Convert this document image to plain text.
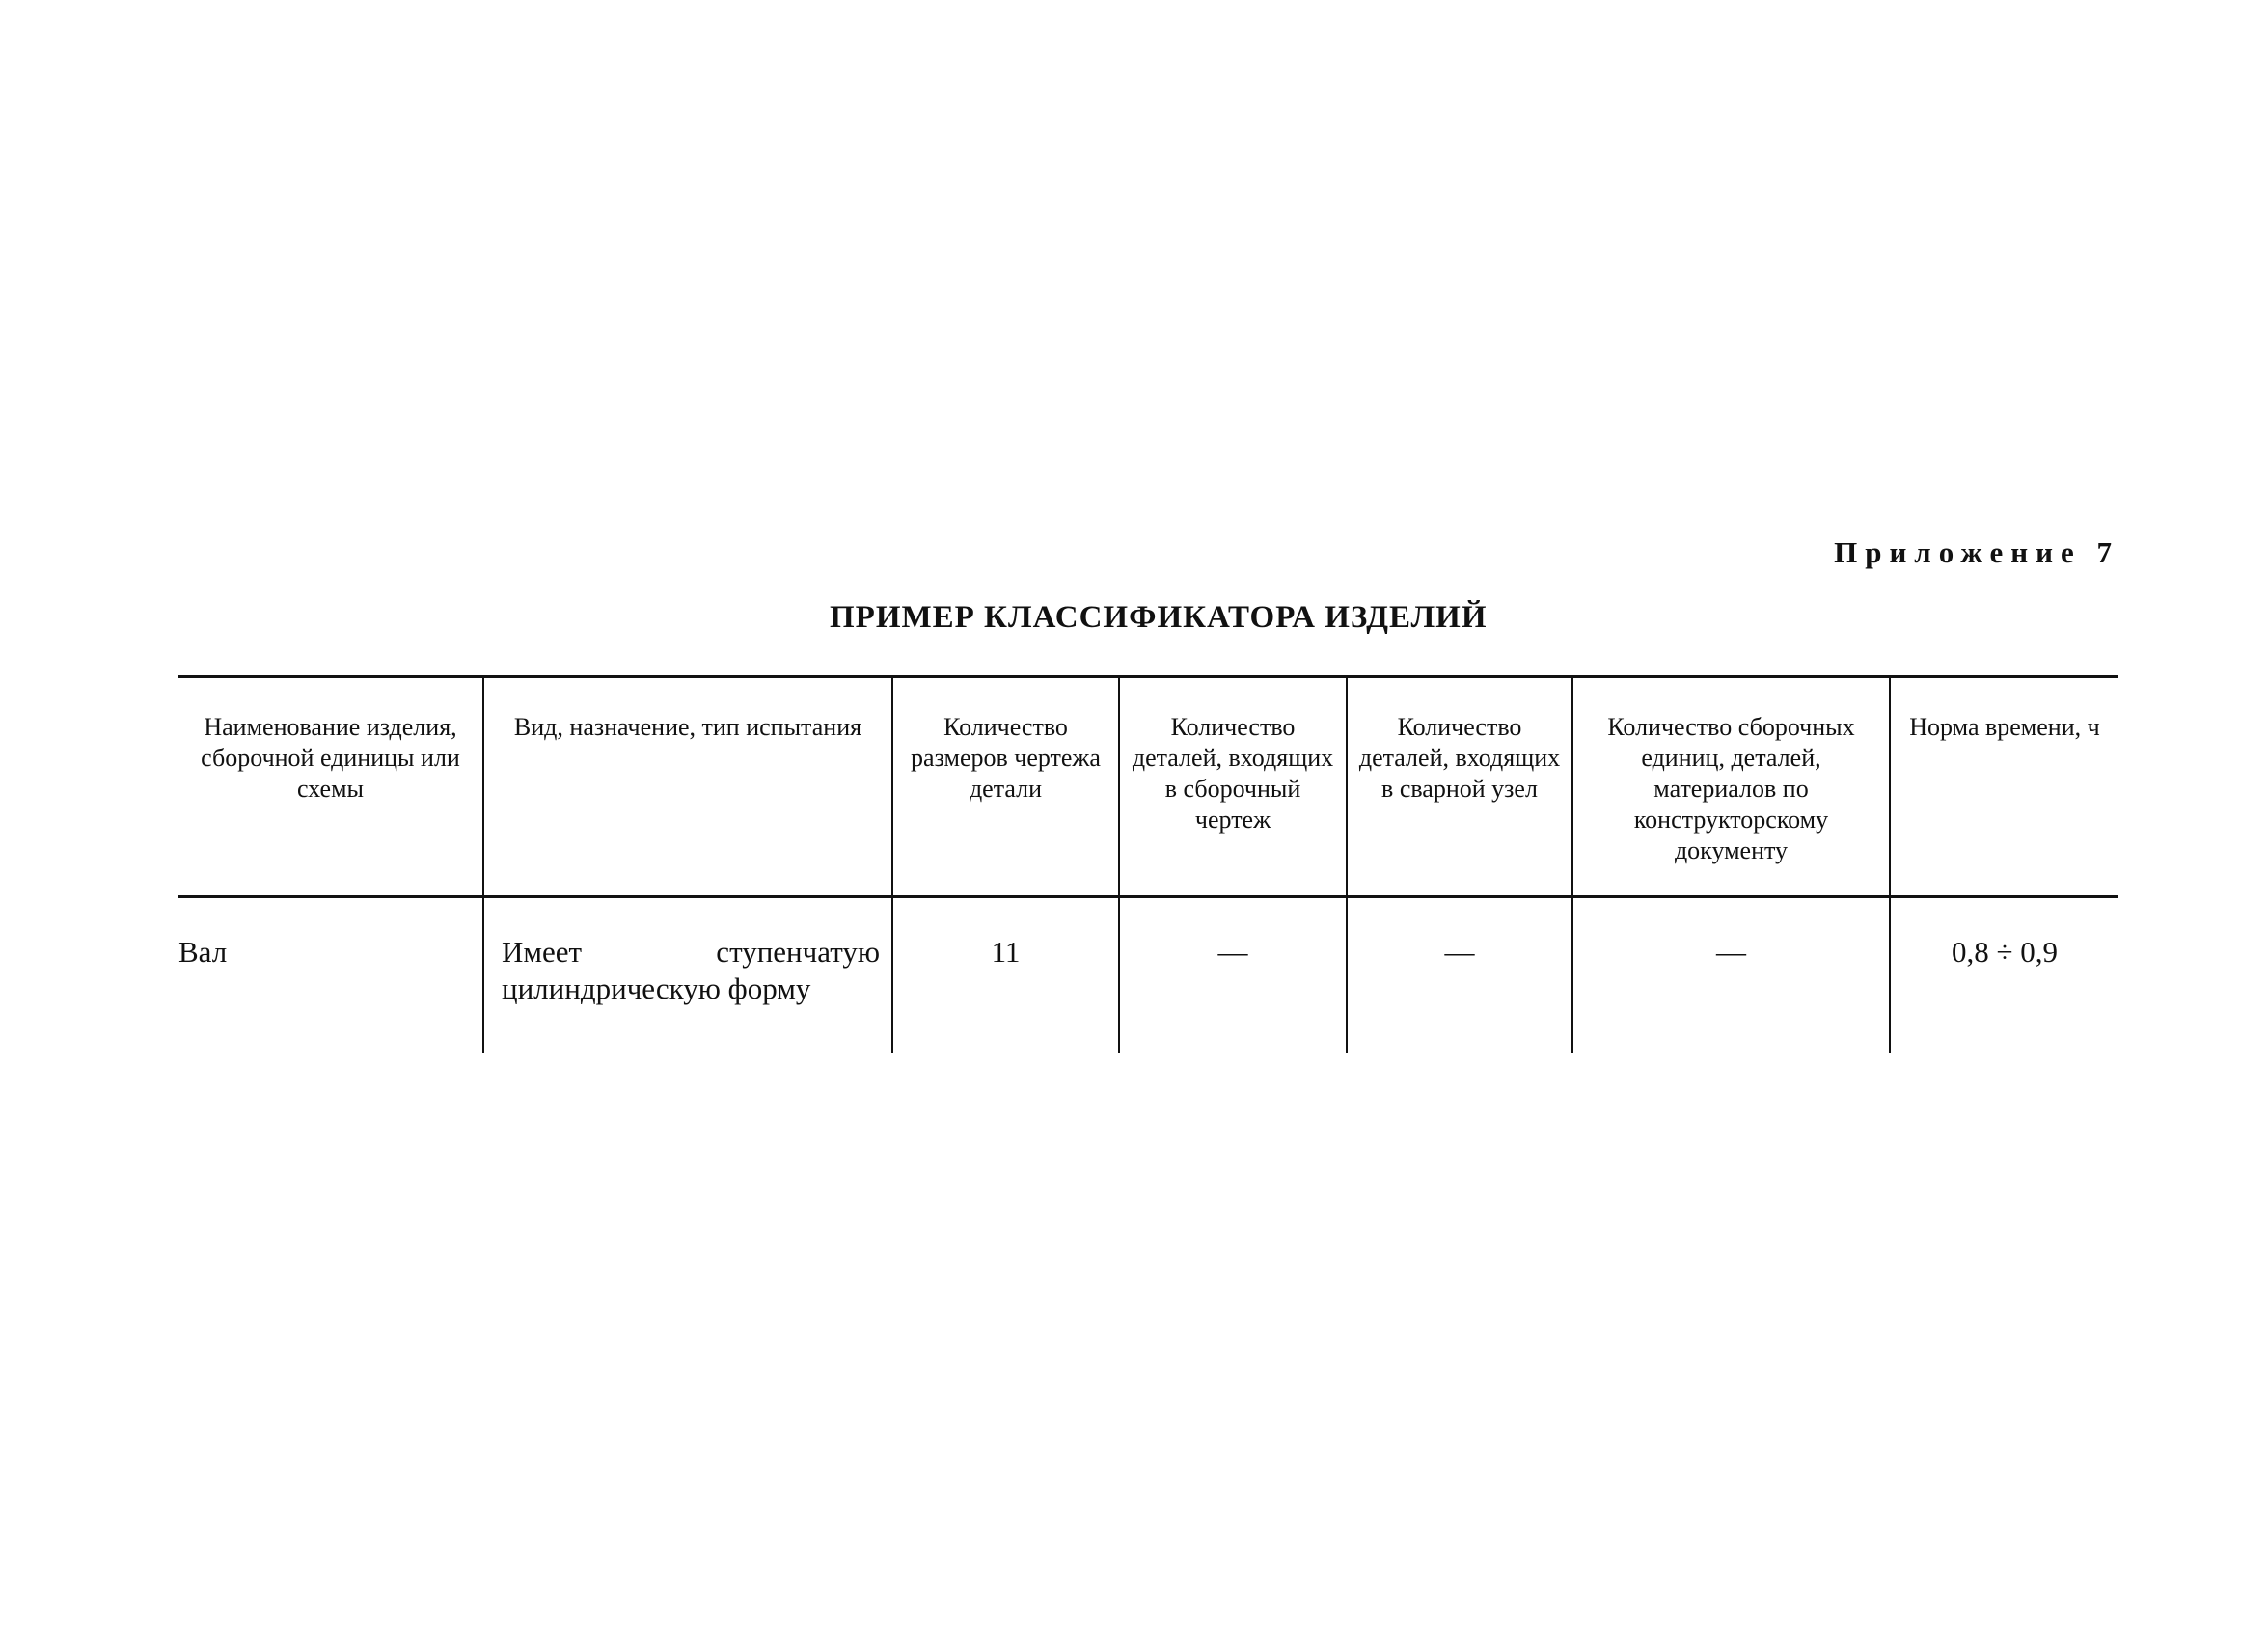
Приложение 7
ПРИМЕР КЛАССИФИКАТОРА ИЗДЕЛИЙ
Наименование изделия, сборочной единицы или схемы	Вид, назначение, тип испытания	Количество размеров чертежа детали	Количество деталей, входящих в сборочный чертеж	Количество деталей, входящих в сварной узел	Количество сборочных единиц, деталей, материалов по конструкторскому документу	Норма времени, ч
Вал	Имеет ступенчатую цилиндрическую форму	11	—	—	—	0,8 ÷ 0,9
